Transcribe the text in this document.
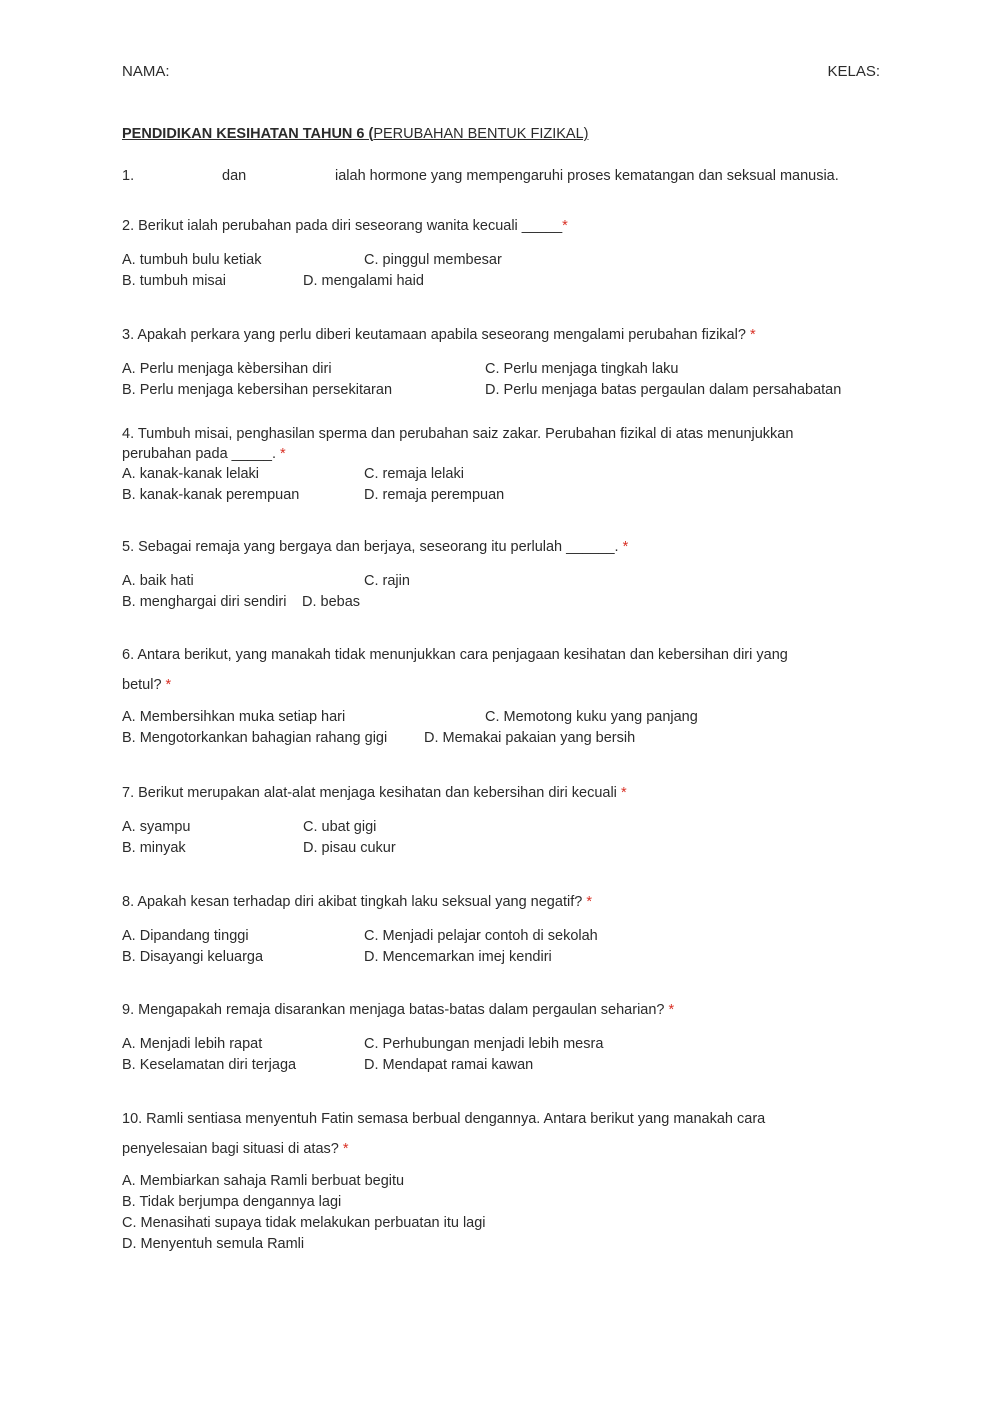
NAMA:	KELAS:
PENDIDIKAN KESIHATAN TAHUN 6 (PERUBAHAN BENTUK FIZIKAL)
1.	dan	ialah hormone yang mempengaruhi proses kematangan dan seksual manusia.
2. Berikut ialah perubahan pada diri seseorang wanita kecuali _____*
A. tumbuh bulu ketiak	C. pinggul membesar
B. tumbuh misai	D. mengalami haid
3. Apakah perkara yang perlu diberi keutamaan apabila seseorang mengalami perubahan fizikal? *
A. Perlu menjaga kèbersihan diri	C. Perlu menjaga tingkah laku
B. Perlu menjaga kebersihan persekitaran	D. Perlu menjaga batas pergaulan dalam persahabatan
4. Tumbuh misai, penghasilan sperma dan perubahan saiz zakar. Perubahan fizikal di atas menunjukkan
perubahan pada _____. *
A. kanak-kanak lelaki	C. remaja lelaki
B. kanak-kanak perempuan	D. remaja perempuan
5. Sebagai remaja yang bergaya dan berjaya, seseorang itu perlulah ______. *
A. baik hati	C. rajin
B. menghargai diri sendiri D. bebas
6. Antara berikut, yang manakah tidak menunjukkan cara penjagaan kesihatan dan kebersihan diri yang
betul? *
A. Membersihkan muka setiap hari	C. Memotong kuku yang panjang
B. Mengotorkankan bahagian rahang gigi	D. Memakai pakaian yang bersih
7. Berikut merupakan alat-alat menjaga kesihatan dan kebersihan diri kecuali *
A. syampu	C. ubat gigi
B. minyak	D. pisau cukur
8. Apakah kesan terhadap diri akibat tingkah laku seksual yang negatif? *
A. Dipandang tinggi	C. Menjadi pelajar contoh di sekolah
B. Disayangi keluarga	D. Mencemarkan imej kendiri
9. Mengapakah remaja disarankan menjaga batas-batas dalam pergaulan seharian? *
A. Menjadi lebih rapat	C. Perhubungan menjadi lebih mesra
B. Keselamatan diri terjaga	D. Mendapat ramai kawan
10. Ramli sentiasa menyentuh Fatin semasa berbual dengannya. Antara berikut yang manakah cara
penyelesaian bagi situasi di atas? *
A. Membiarkan sahaja Ramli berbuat begitu
B. Tidak berjumpa dengannya lagi
C. Menasihati supaya tidak melakukan perbuatan itu lagi
D. Menyentuh semula Ramli
